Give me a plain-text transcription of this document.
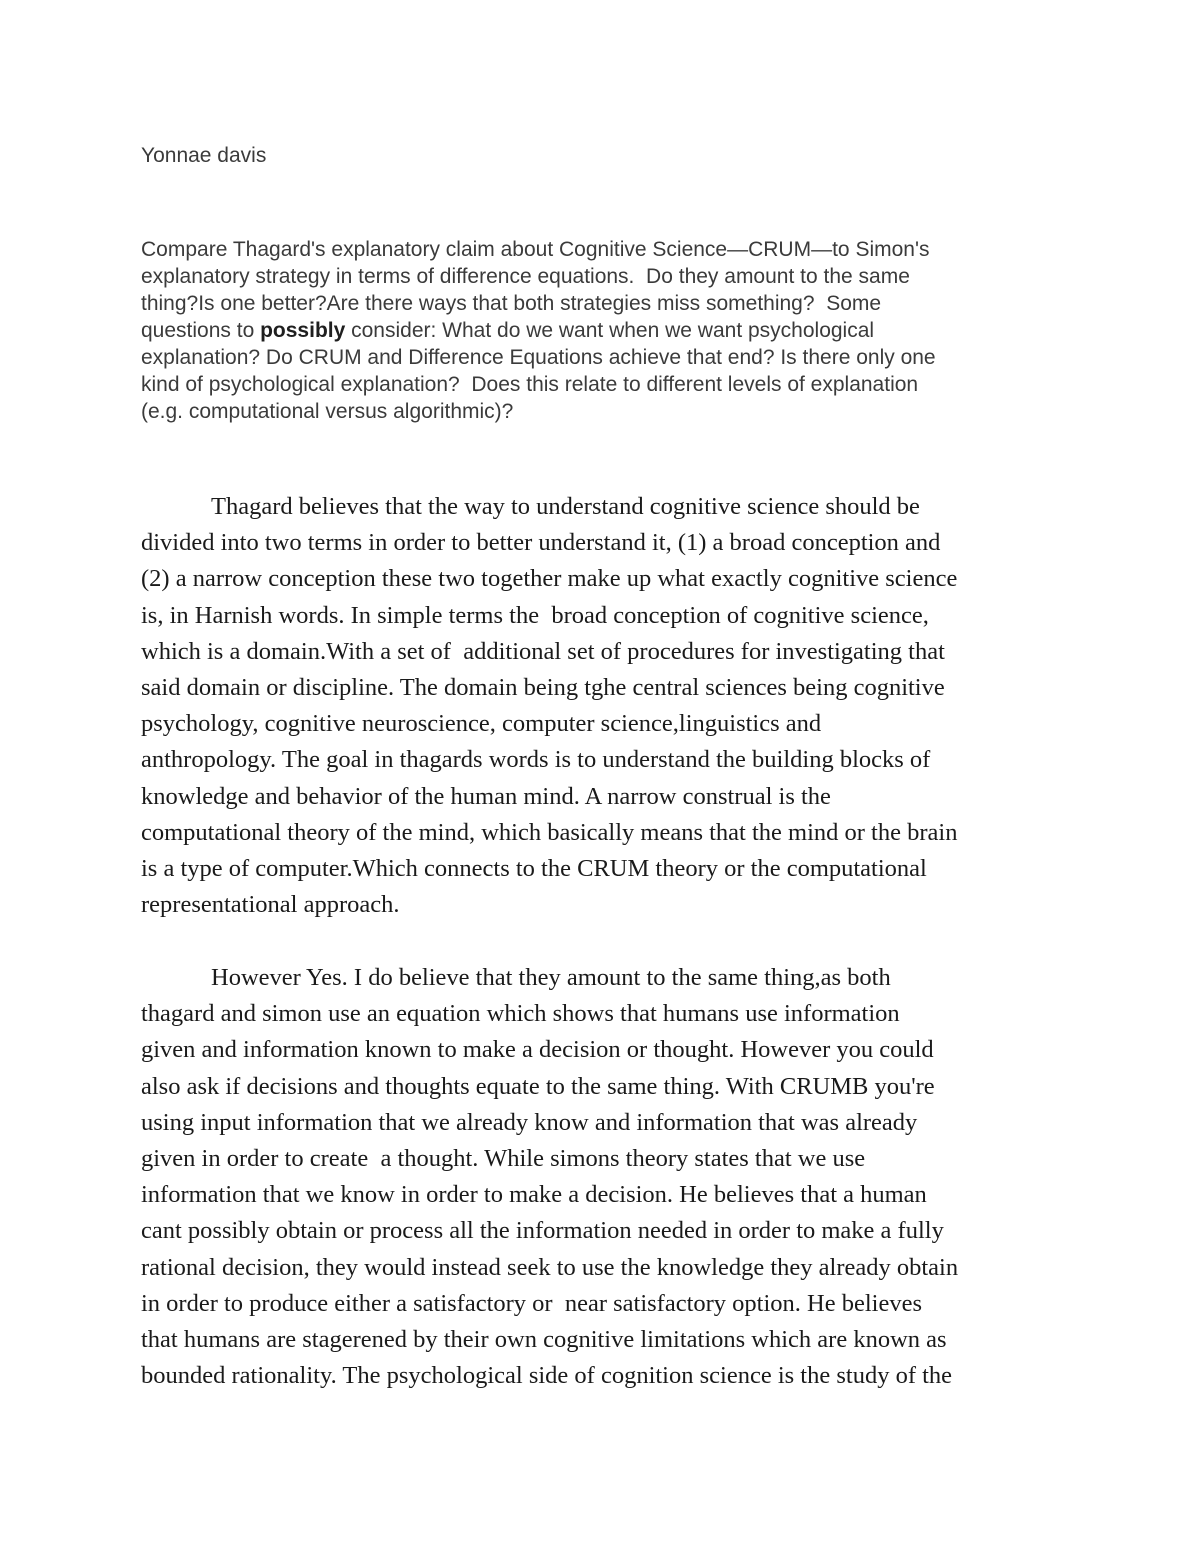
Yonnae davis

Compare Thagard's explanatory claim about Cognitive Science—CRUM—to Simon's
explanatory strategy in terms of difference equations.  Do they amount to the same
thing?Is one better?Are there ways that both strategies miss something?  Some
questions to possibly consider: What do we want when we want psychological
explanation? Do CRUM and Difference Equations achieve that end? Is there only one
kind of psychological explanation?  Does this relate to different levels of explanation
(e.g. computational versus algorithmic)?
Thagard believes that the way to understand cognitive science should be
divided into two terms in order to better understand it, (1) a broad conception and
(2) a narrow conception these two together make up what exactly cognitive science
is, in Harnish words. In simple terms the  broad conception of cognitive science,
which is a domain.With a set of  additional set of procedures for investigating that
said domain or discipline. The domain being tghe central sciences being cognitive
psychology, cognitive neuroscience, computer science,linguistics and
anthropology. The goal in thagards words is to understand the building blocks of
knowledge and behavior of the human mind. A narrow construal is the
computational theory of the mind, which basically means that the mind or the brain
is a type of computer.Which connects to the CRUM theory or the computational
representational approach.
However Yes. I do believe that they amount to the same thing,as both
thagard and simon use an equation which shows that humans use information
given and information known to make a decision or thought. However you could
also ask if decisions and thoughts equate to the same thing. With CRUMB you're
using input information that we already know and information that was already
given in order to create  a thought. While simons theory states that we use
information that we know in order to make a decision. He believes that a human
cant possibly obtain or process all the information needed in order to make a fully
rational decision, they would instead seek to use the knowledge they already obtain
in order to produce either a satisfactory or  near satisfactory option. He believes
that humans are stagerened by their own cognitive limitations which are known as
bounded rationality. The psychological side of cognition science is the study of the
